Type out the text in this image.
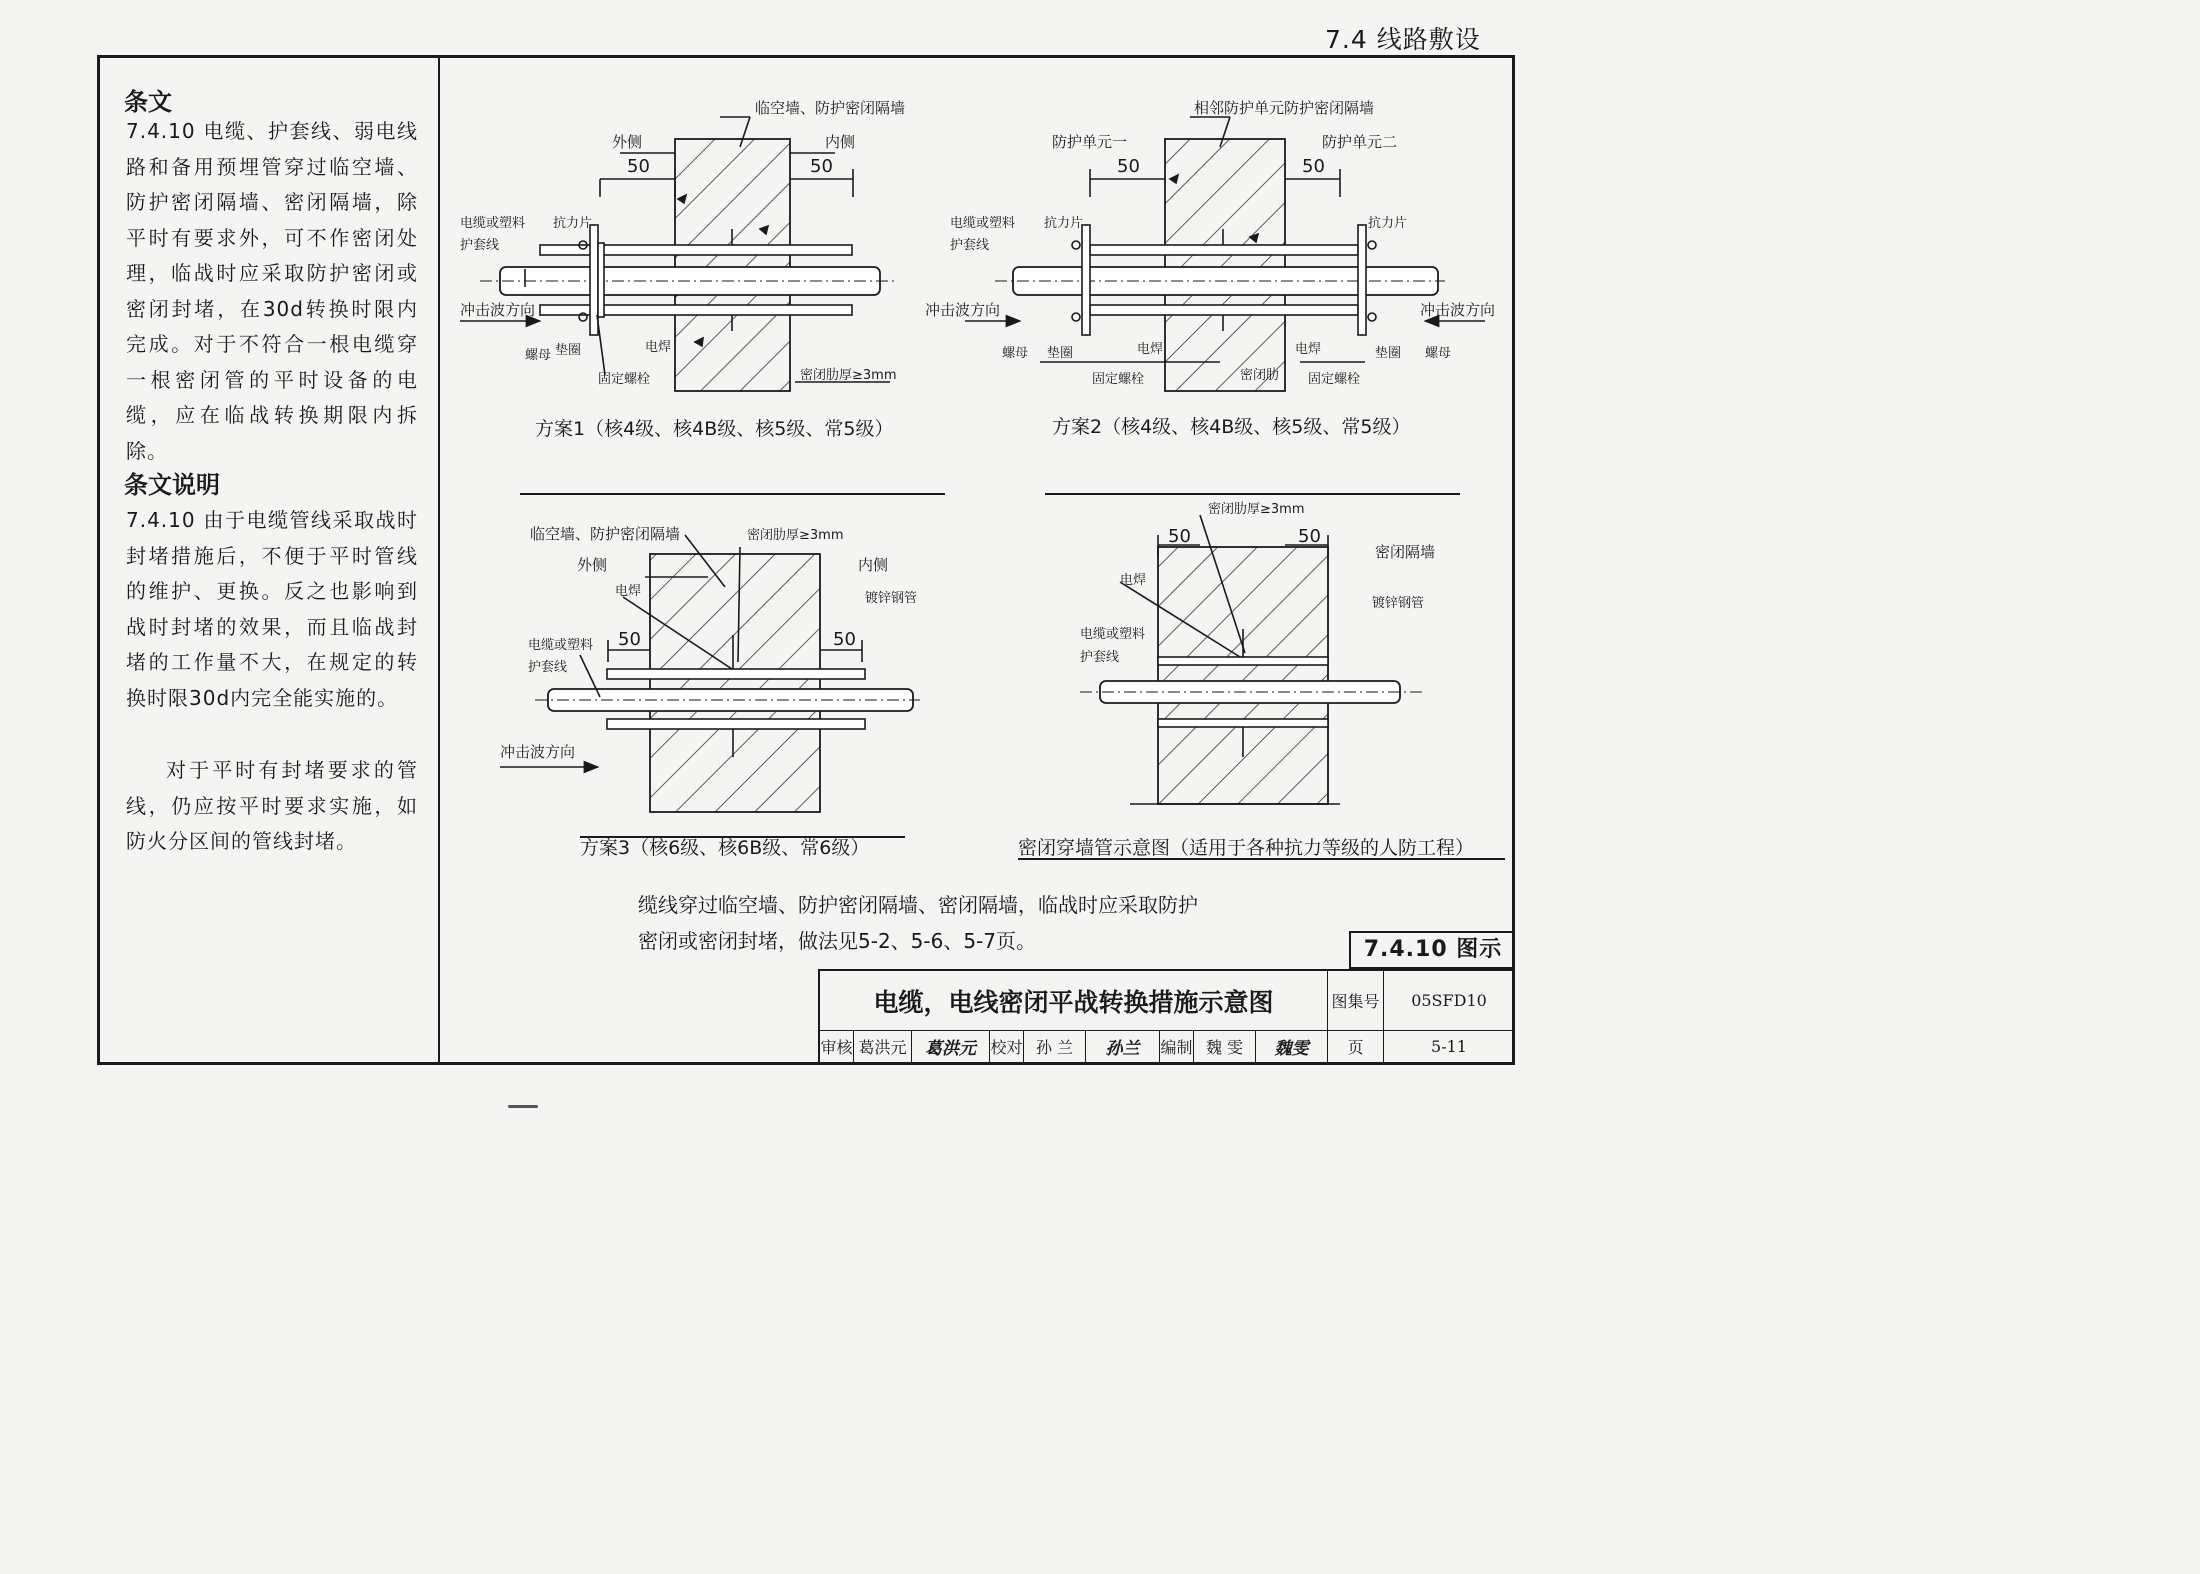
7.4 线路敷设
条文
7.4.10 电缆、护套线、弱电线路和备用预埋管穿过临空墙、防护密闭隔墙、密闭隔墙，除平时有要求外，可不作密闭处理，临战时应采取防护密闭或密闭封堵，在30d转换时限内完成。对于不符合一根电缆穿一根密闭管的平时设备的电缆，应在临战转换期限内拆除。
条文说明
7.4.10 由于电缆管线采取战时封堵措施后，不便于平时管线的维护、更换。反之也影响到战时封堵的效果，而且临战封堵的工作量不大，在规定的转换时限30d内完全能实施的。
对于平时有封堵要求的管线，仍应按平时要求实施，如防火分区间的管线封堵。
临空墙、防护密闭隔墙
外侧	内侧
50	50
电缆或塑料
护套线
抗力片
冲击波方向
螺母 垫圈
固定螺栓
电焊
密闭肋厚≥3mm
方案1（核4级、核4B级、核5级、常5级）
相邻防护单元防护密闭隔墙
防护单元一	防护单元二
50	50
电缆或塑料
护套线
抗力片	抗力片
冲击波方向	冲击波方向
螺母 垫圈	电焊
固定螺栓	密闭肋
电焊
固定螺栓
垫圈 螺母
方案2（核4级、核4B级、核5级、常5级）
临空墙、防护密闭隔墙	密闭肋厚≥3mm
外侧	内侧
电焊	镀锌钢管
电缆或塑料
护套线
50	50
冲击波方向
方案3（核6级、核6B级、常6级）
密闭肋厚≥3mm
50	50
密闭隔墙
电焊
镀锌钢管
电缆或塑料
护套线
密闭穿墙管示意图（适用于各种抗力等级的人防工程）
缆线穿过临空墙、防护密闭隔墙、密闭隔墙，临战时应采取防护
密闭或密闭封堵，做法见5-2、5-6、5-7页。	7.4.10 图示
电缆，电线密闭平战转换措施示意图	图集号	05SFD10
审核 葛洪元	葛洪元 校对 孙 兰	孙兰	编制 魏 雯	魏雯	页	5-11
